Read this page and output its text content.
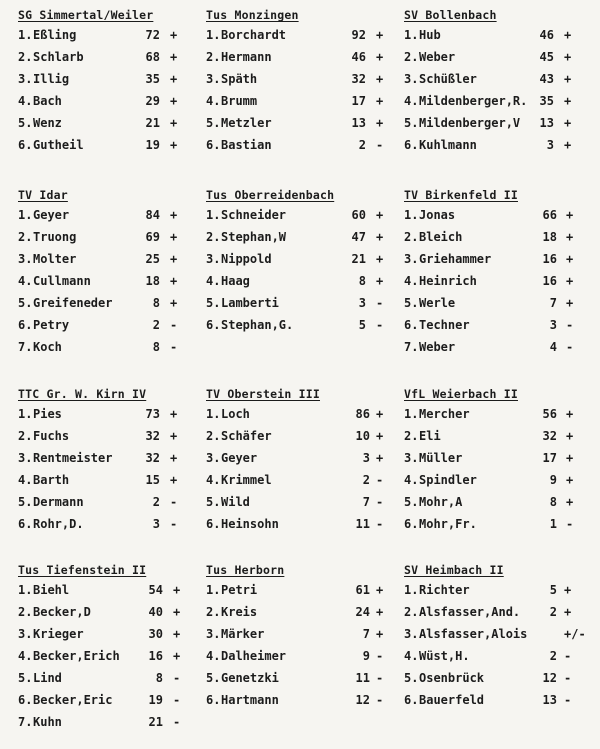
SG Simmertal/Weiler
1. Eßling	72 +
2. Schlarb	68 +
3. Illig	35 +
4. Bach	29 +
5. Wenz	21 +
6. Gutheil	19 +
Tus Monzingen
1. Borchardt	92 +
2. Hermann	46 +
3. Späth	32 +
4. Brumm	17 +
5. Metzler	13 +
6. Bastian	2 -
SV Bollenbach
1. Hub	46 +
2. Weber	45 +
3. Schüßler	43 +
4. Mildenberger,R.	35 +
5. Mildenberger,V	13 +
6. Kuhlmann	3 +
TV Idar
1. Geyer	84 +
2. Truong	69 +
3. Molter	25 +
4. Cullmann	18 +
5. Greifeneder	8 +
6. Petry	2 -
7. Koch	8 -
Tus Oberreidenbach
1. Schneider	60 +
2. Stephan,W	47 +
3. Nippold	21 +
4. Haag	8 +
5. Lamberti	3 -
6. Stephan,G.	5 -
TV Birkenfeld II
1. Jonas	66 +
2. Bleich	18 +
3. Griehammer	16 +
4. Heinrich	16 +
5. Werle	7 +
6. Techner	3 -
7. Weber	4 -
TTC Gr. W. Kirn IV
1. Pies	73 +
2. Fuchs	32 +
3. Rentmeister	32 +
4. Barth	15 +
5. Dermann	2 -
6. Rohr,D.	3 -
TV Oberstein III
1. Loch	86 +
2. Schäfer	10 +
3. Geyer	3 +
4. Krimmel	2 -
5. Wild	7 -
6. Heinsohn	11 -
VfL Weierbach II
1. Mercher	56 +
2. Eli	32 +
3. Müller	17 +
4. Spindler	9 +
5. Mohr,A	8 +
6. Mohr,Fr.	1 -
Tus Tiefenstein II
1. Biehl	54 +
2. Becker,D	40 +
3. Krieger	30 +
4. Becker,Erich	16 +
5. Lind	8 -
6. Becker,Eric	19 -
7. Kuhn	21 -
Tus Herborn
1. Petri	61 +
2. Kreis	24 +
3. Märker	7 +
4. Dalheimer	9 -
5. Genetzki	11 -
6. Hartmann	12 -
SV Heimbach II
1. Richter	5 +
2. Alsfasser,And.	2 +
3. Alsfasser,Alois	+/-
4. Wüst,H.	2 -
5. Osenbrück	12 -
6. Bauerfeld	13 -
